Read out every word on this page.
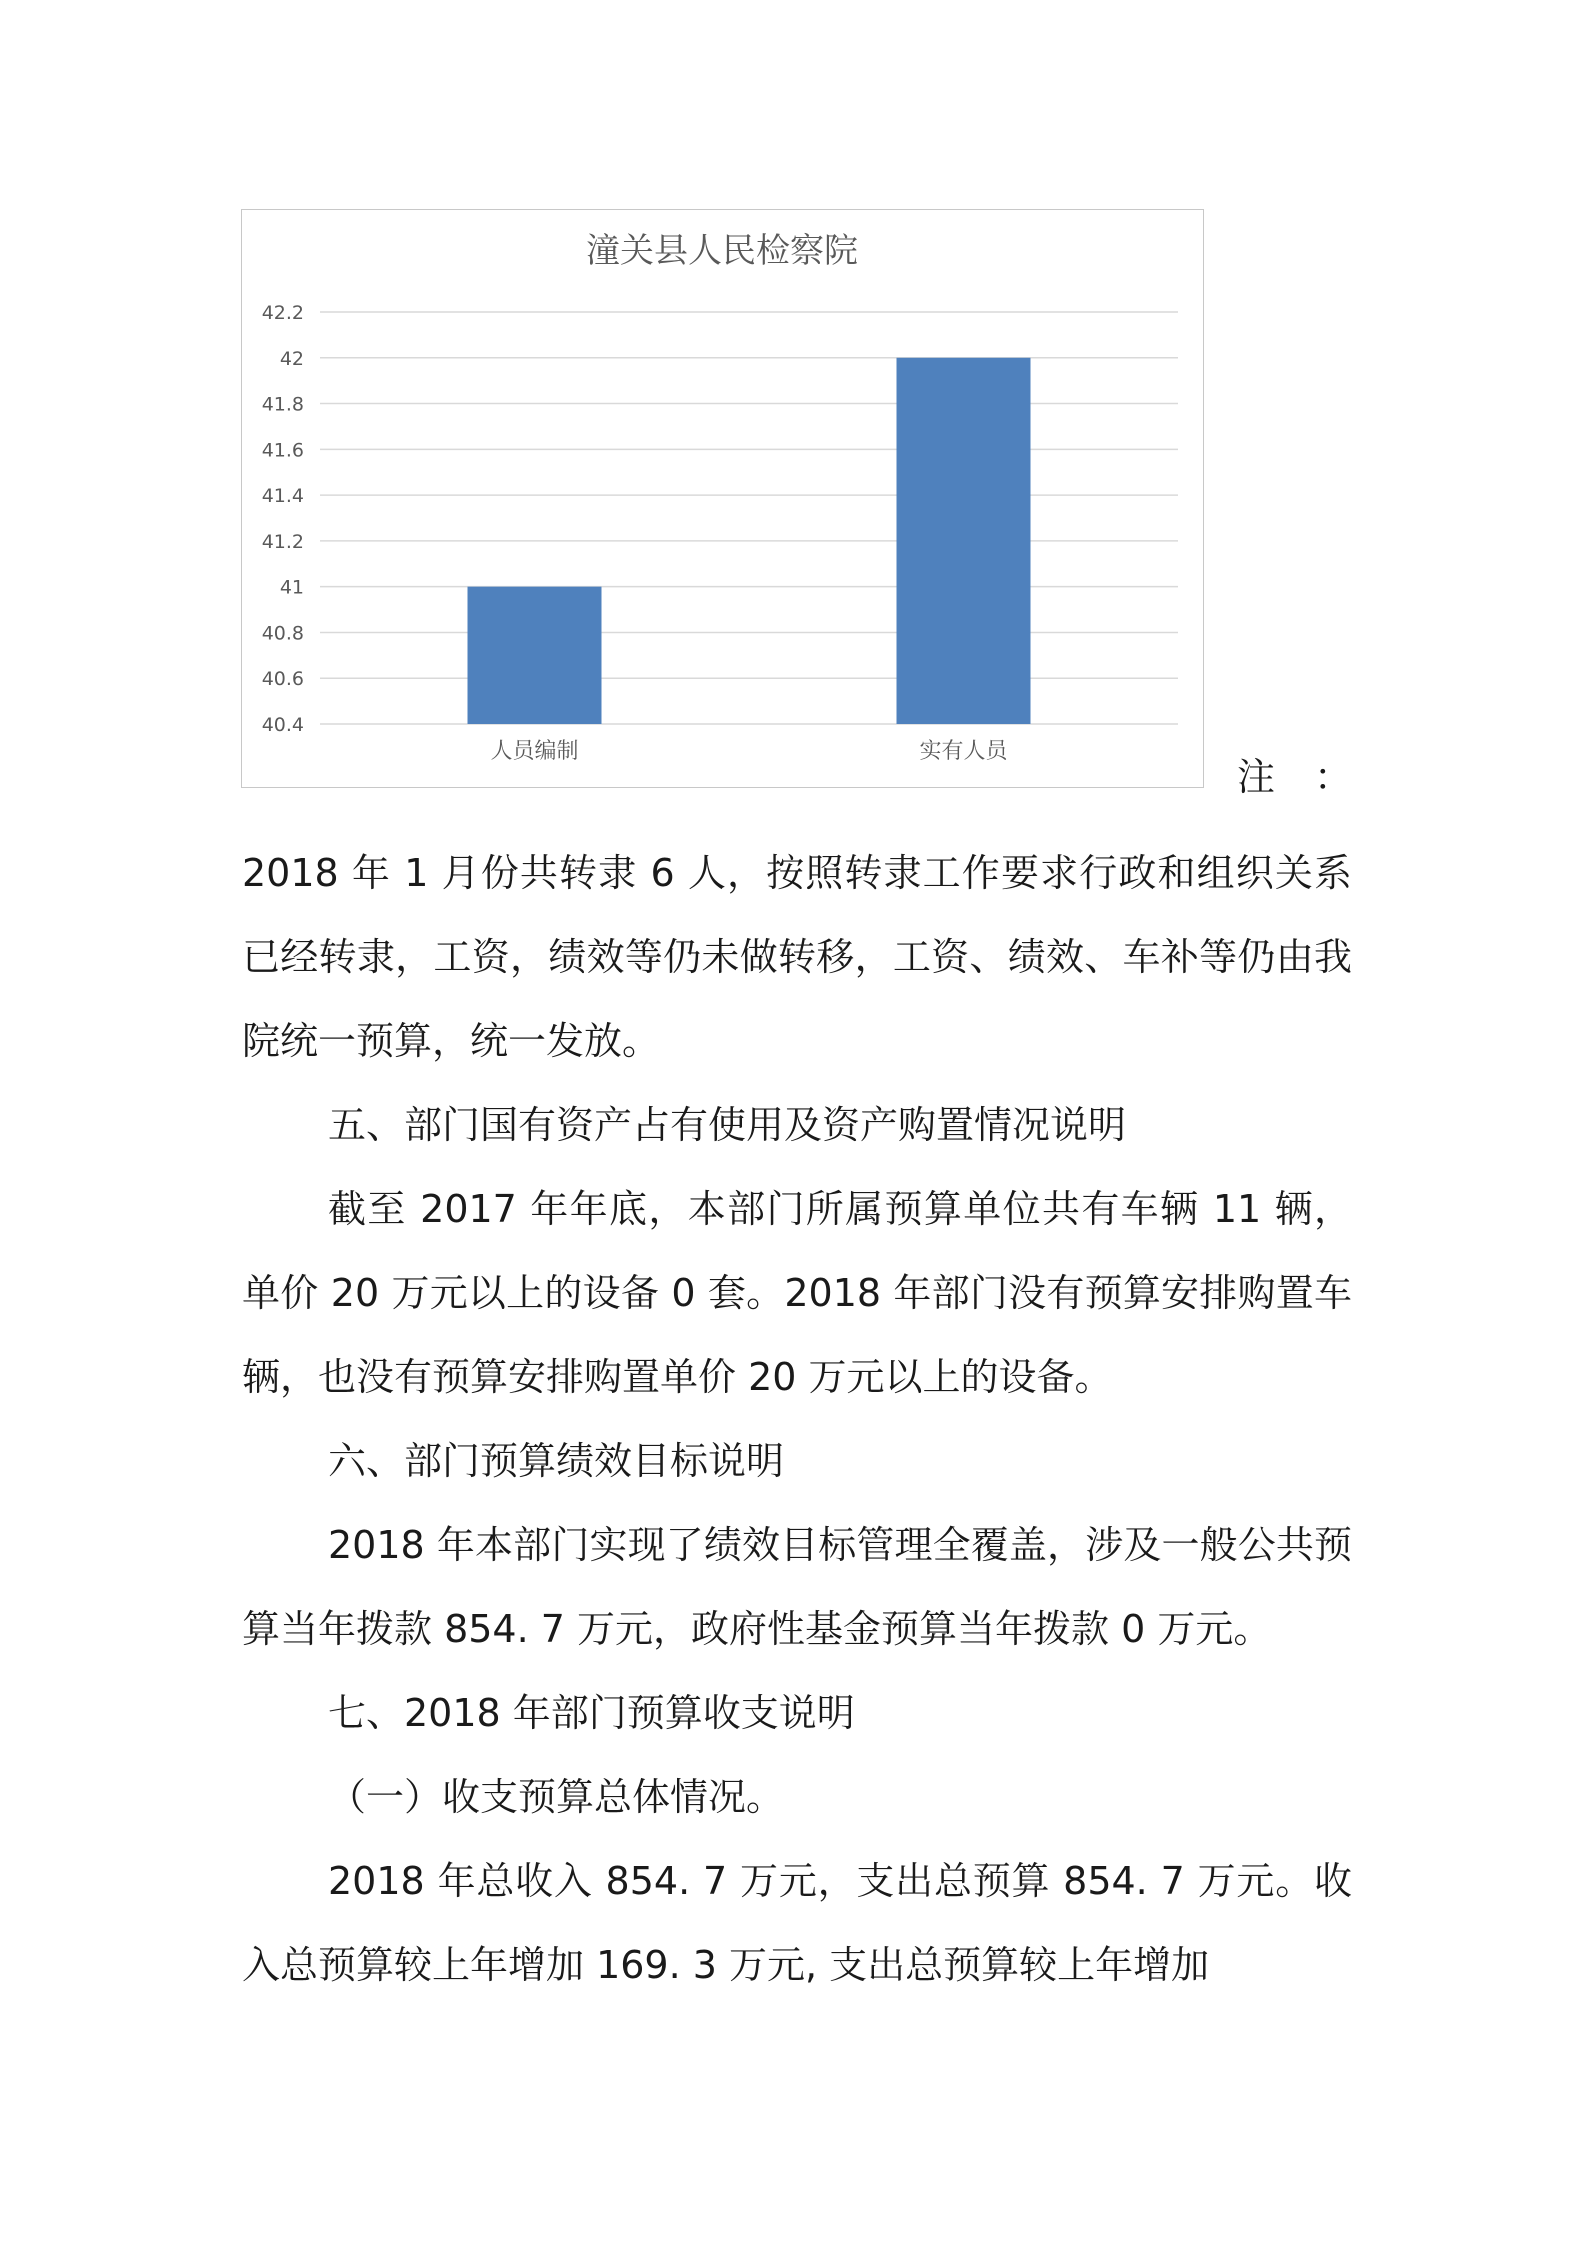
潼关县人民检察院
42.2
42
41.8
41.6
41.4
41.2
41
40.8
40.6
40.4
人员编制	实有人员
注 ：

2018 年 1 月份共转隶 6 人，按照转隶工作要求行政和组织关系已经转隶，工资，绩效等仍未做转移，工资、绩效、车补等仍由我院统一预算，统一发放。

五、部门国有资产占有使用及资产购置情况说明

截至 2017 年年底，本部门所属预算单位共有车辆 11 辆，单价 20 万元以上的设备 0 套。2018 年部门没有预算安排购置车辆，也没有预算安排购置单价 20 万元以上的设备。

六、部门预算绩效目标说明

2018 年本部门实现了绩效目标管理全覆盖，涉及一般公共预算当年拨款 854. 7 万元，政府性基金预算当年拨款 0 万元。

七、2018 年部门预算收支说明

（一）收支预算总体情况。

2018 年总收入 854. 7 万元，支出总预算 854. 7 万元。收入总预算较上年增加 169. 3 万元, 支出总预算较上年增加
